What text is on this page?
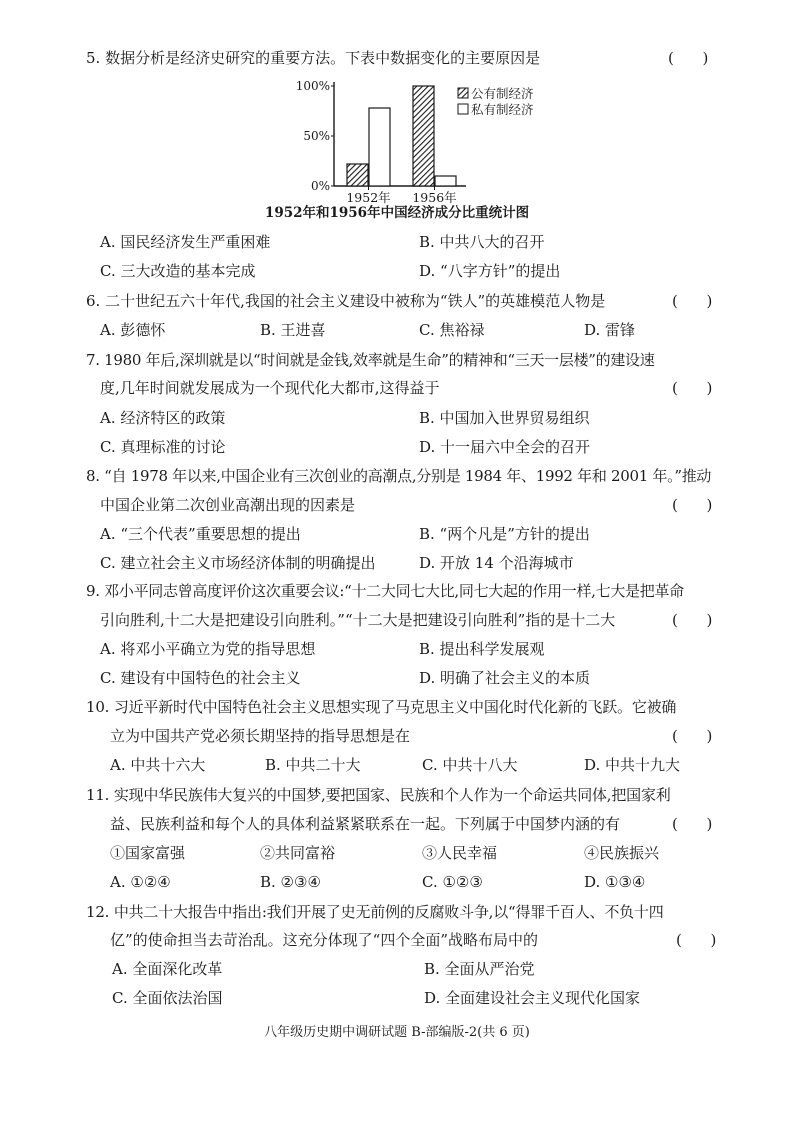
5. 数据分析是经济史研究的重要方法。下表中数据变化的主要原因是	(      )
100%
50%
0%
1952年 1956年
公有制经济
私有制经济
1952年和1956年中国经济成分比重统计图
A. 国民经济发生严重困难	B. 中共八大的召开
C. 三大改造的基本完成	D. “八字方针”的提出
6. 二十世纪五六十年代,我国的社会主义建设中被称为“铁人”的英雄模范人物是	(      )
A. 彭德怀	B. 王进喜	C. 焦裕禄	D. 雷锋
7. 1980 年后,深圳就是以“时间就是金钱,效率就是生命”的精神和“三天一层楼”的建设速
度,几年时间就发展成为一个现代化大都市,这得益于	(      )
A. 经济特区的政策	B. 中国加入世界贸易组织
C. 真理标准的讨论	D. 十一届六中全会的召开
8. “自 1978 年以来,中国企业有三次创业的高潮点,分别是 1984 年、1992 年和 2001 年。”推动
中国企业第二次创业高潮出现的因素是	(      )
A. “三个代表”重要思想的提出	B. “两个凡是”方针的提出
C. 建立社会主义市场经济体制的明确提出	D. 开放 14 个沿海城市
9. 邓小平同志曾高度评价这次重要会议:“十二大同七大比,同七大起的作用一样,七大是把革命
引向胜利,十二大是把建设引向胜利。”“十二大是把建设引向胜利”指的是十二大	(      )
A. 将邓小平确立为党的指导思想	B. 提出科学发展观
C. 建设有中国特色的社会主义	D. 明确了社会主义的本质
10. 习近平新时代中国特色社会主义思想实现了马克思主义中国化时代化新的飞跃。它被确
立为中国共产党必须长期坚持的指导思想是在	(      )
A. 中共十六大	B. 中共二十大	C. 中共十八大	D. 中共十九大
11. 实现中华民族伟大复兴的中国梦,要把国家、民族和个人作为一个命运共同体,把国家利
益、民族利益和每个人的具体利益紧紧联系在一起。下列属于中国梦内涵的有	(      )
①国家富强	②共同富裕	③人民幸福	④民族振兴
A. ①②④	B. ②③④	C. ①②③	D. ①③④
12. 中共二十大报告中指出:我们开展了史无前例的反腐败斗争,以“得罪千百人、不负十四
亿”的使命担当去苛治乱。这充分体现了“四个全面”战略布局中的	(      )
A. 全面深化改革	B. 全面从严治党
C. 全面依法治国	D. 全面建设社会主义现代化国家
八年级历史期中调研试题 B-部编版-2(共 6 页)
